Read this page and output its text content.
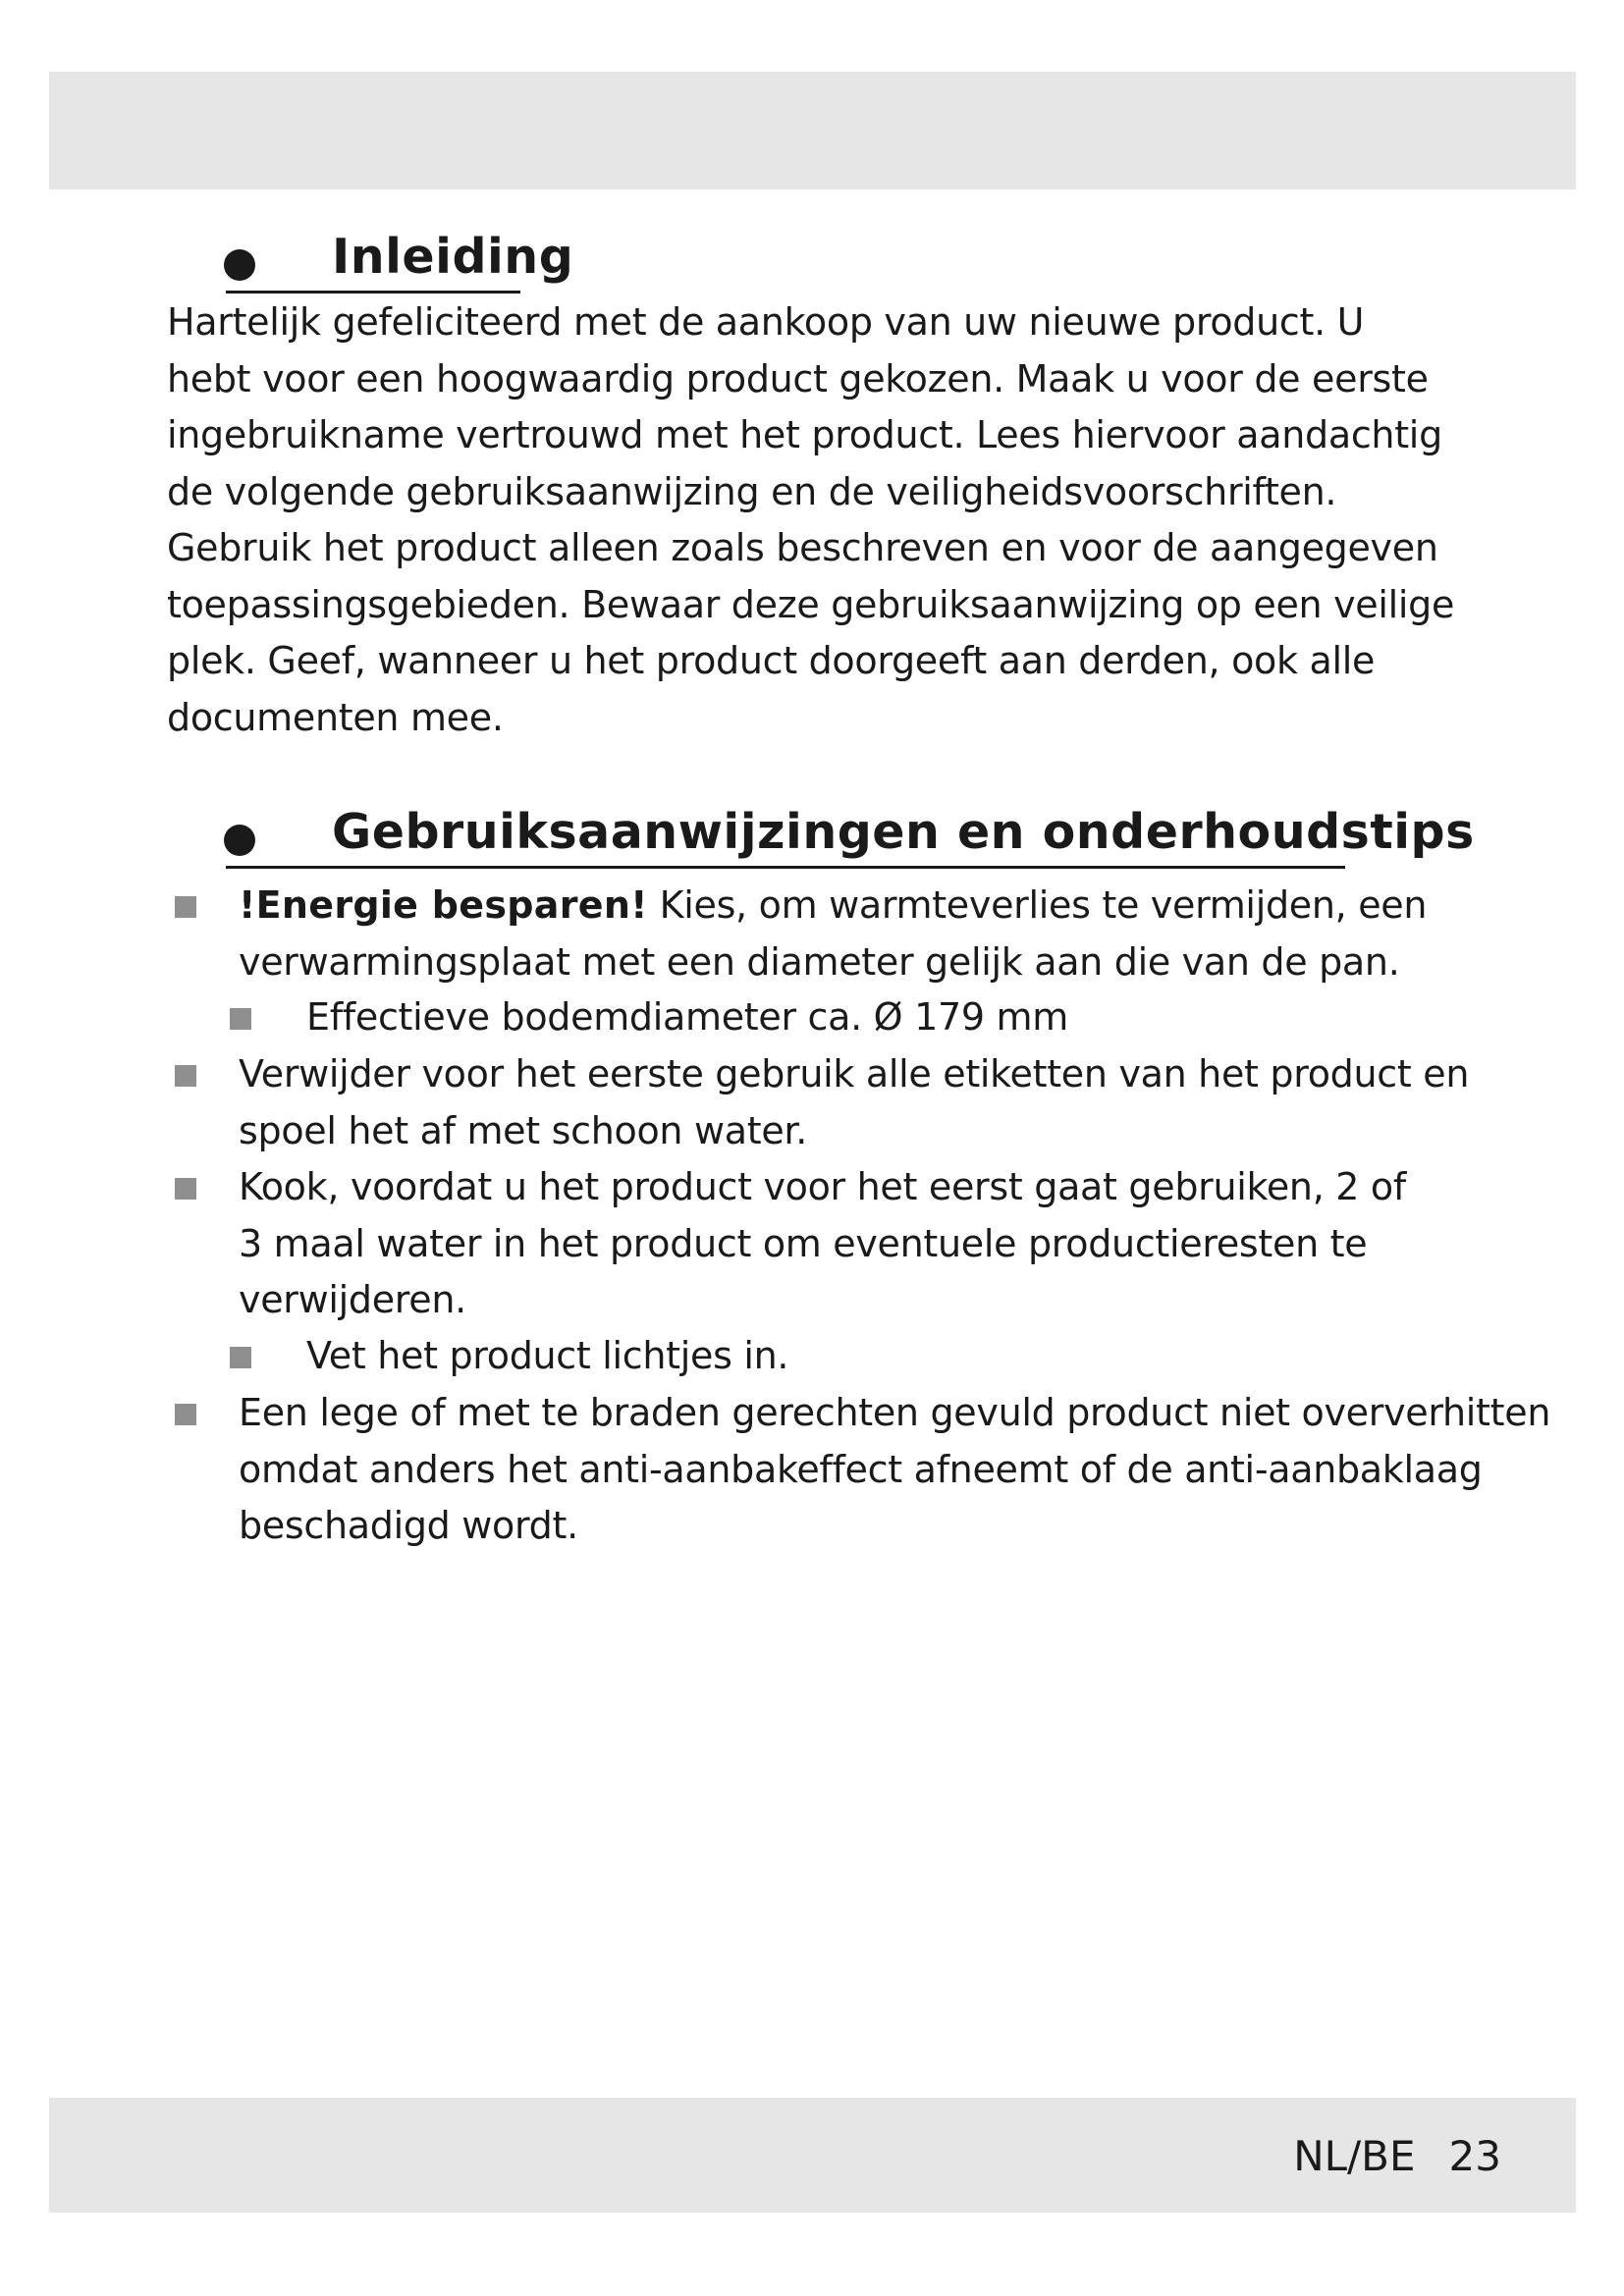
Inleiding
Hartelijk gefeliciteerd met de aankoop van uw nieuwe product. U
hebt voor een hoogwaardig product gekozen. Maak u voor de eerste
ingebruikname vertrouwd met het product. Lees hiervoor aandachtig
de volgende gebruiksaanwijzing en de veiligheidsvoorschriften.
Gebruik het product alleen zoals beschreven en voor de aangegeven
toepassingsgebieden. Bewaar deze gebruiksaanwijzing op een veilige
plek. Geef, wanneer u het product doorgeeft aan derden, ook alle
documenten mee.
Gebruiksaanwijzingen en onderhoudstips
!Energie besparen! Kies, om warmteverlies te vermijden, een
verwarmingsplaat met een diameter gelijk aan die van de pan.
Effectieve bodemdiameter ca. Ø 179 mm
Verwijder voor het eerste gebruik alle etiketten van het product en
spoel het af met schoon water.
Kook, voordat u het product voor het eerst gaat gebruiken, 2 of
3 maal water in het product om eventuele productieresten te
verwijderen.
Vet het product lichtjes in.
Een lege of met te braden gerechten gevuld product niet oververhitten
omdat anders het anti-aanbakeffect afneemt of de anti-aanbaklaag
beschadigd wordt.
NL/BE 23
